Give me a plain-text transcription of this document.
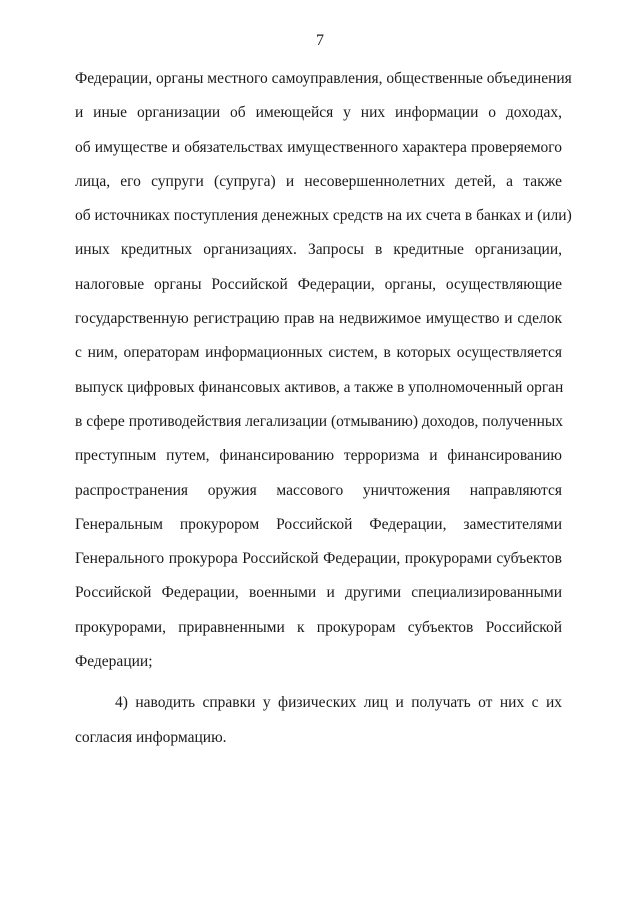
7
Федерации, органы местного самоуправления, общественные объединения
и иные организации об имеющейся у них информации о доходах,
об имуществе и обязательствах имущественного характера проверяемого
лица, его супруги (супруга) и несовершеннолетних детей, а также
об источниках поступления денежных средств на их счета в банках и (или)
иных кредитных организациях. Запросы в кредитные организации,
налоговые органы Российской Федерации, органы, осуществляющие
государственную регистрацию прав на недвижимое имущество и сделок
с ним, операторам информационных систем, в которых осуществляется
выпуск цифровых финансовых активов, а также в уполномоченный орган
в сфере противодействия легализации (отмыванию) доходов, полученных
преступным путем, финансированию терроризма и финансированию
распространения оружия массового уничтожения направляются
Генеральным прокурором Российской Федерации, заместителями
Генерального прокурора Российской Федерации, прокурорами субъектов
Российской Федерации, военными и другими специализированными
прокурорами, приравненными к прокурорам субъектов Российской
Федерации;
4) наводить справки у физических лиц и получать от них с их
согласия информацию.
